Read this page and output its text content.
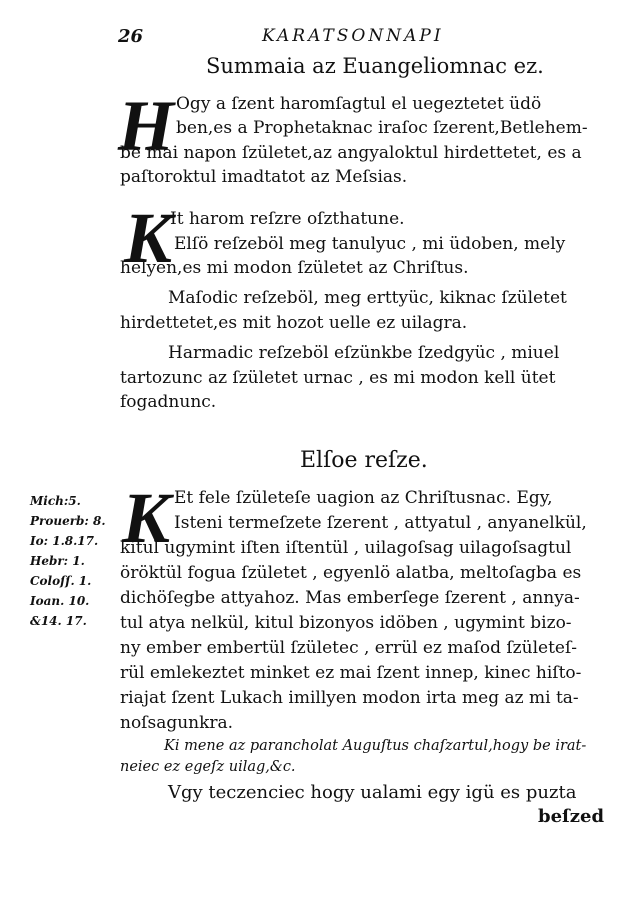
26	KARATSONNAPI
Summaia az Euangeliomnac ez.
H Ogy a ſzent haromſagtul el uegeztetet üdö
ben,es a Prophetaknac iraſoc ſzerent,Betlehem-
be mai napon ſzületet,az angyaloktul hirdettetet, es a
paſtoroktul imadtatot az Meſsias.
K
It harom reſzre oſzthatune.
Elſö reſzeböl meg tanulyuc , mi üdoben, mely
helyen,es mi modon ſzületet az Chriſtus.
Maſodic reſzeböl, meg erttyüc, kiknac ſzületet
hirdettetet,es mit hozot uelle ez uilagra.
Harmadic reſzeböl eſzünkbe ſzedgyüc , miuel
tartozunc az ſzületet urnac , es mi modon kell ütet
fogadnunc.
Elſoe reſze.
Mich:5.
Prouerb: 8.
Io: 1.8.17.
Hebr: 1.
Coloſſ. 1.
Ioan. 10.
&14. 17.
K Et fele ſzületeſe uagion az Chriſtusnac. Egy,
Isteni termeſzete ſzerent , attyatul , anyanelkül,
kitul ugymint iſten iſtentül , uilagoſsag uilagoſsagtul
öröktül fogua ſzületet , egyenlö alatba, meltoſagba es
dichöſegbe attyahoz. Mas emberſege ſzerent , annya-
tul atya nelkül, kitul bizonyos idöben , ugymint bizo-
ny ember embertül ſzületec , errül ez maſod ſzületeſ-
rül emlekeztet minket ez mai ſzent innep, kinec hiſto-
riajat ſzent Lukach imillyen modon irta meg az mi ta-
noſsagunkra.
Ki mene az parancholat Auguſtus chaſzartul,hogy be irat-
neiec ez egeſz uilag,&c.
Vgy teczenciec hogy ualami egy igü es puzta
beſzed
